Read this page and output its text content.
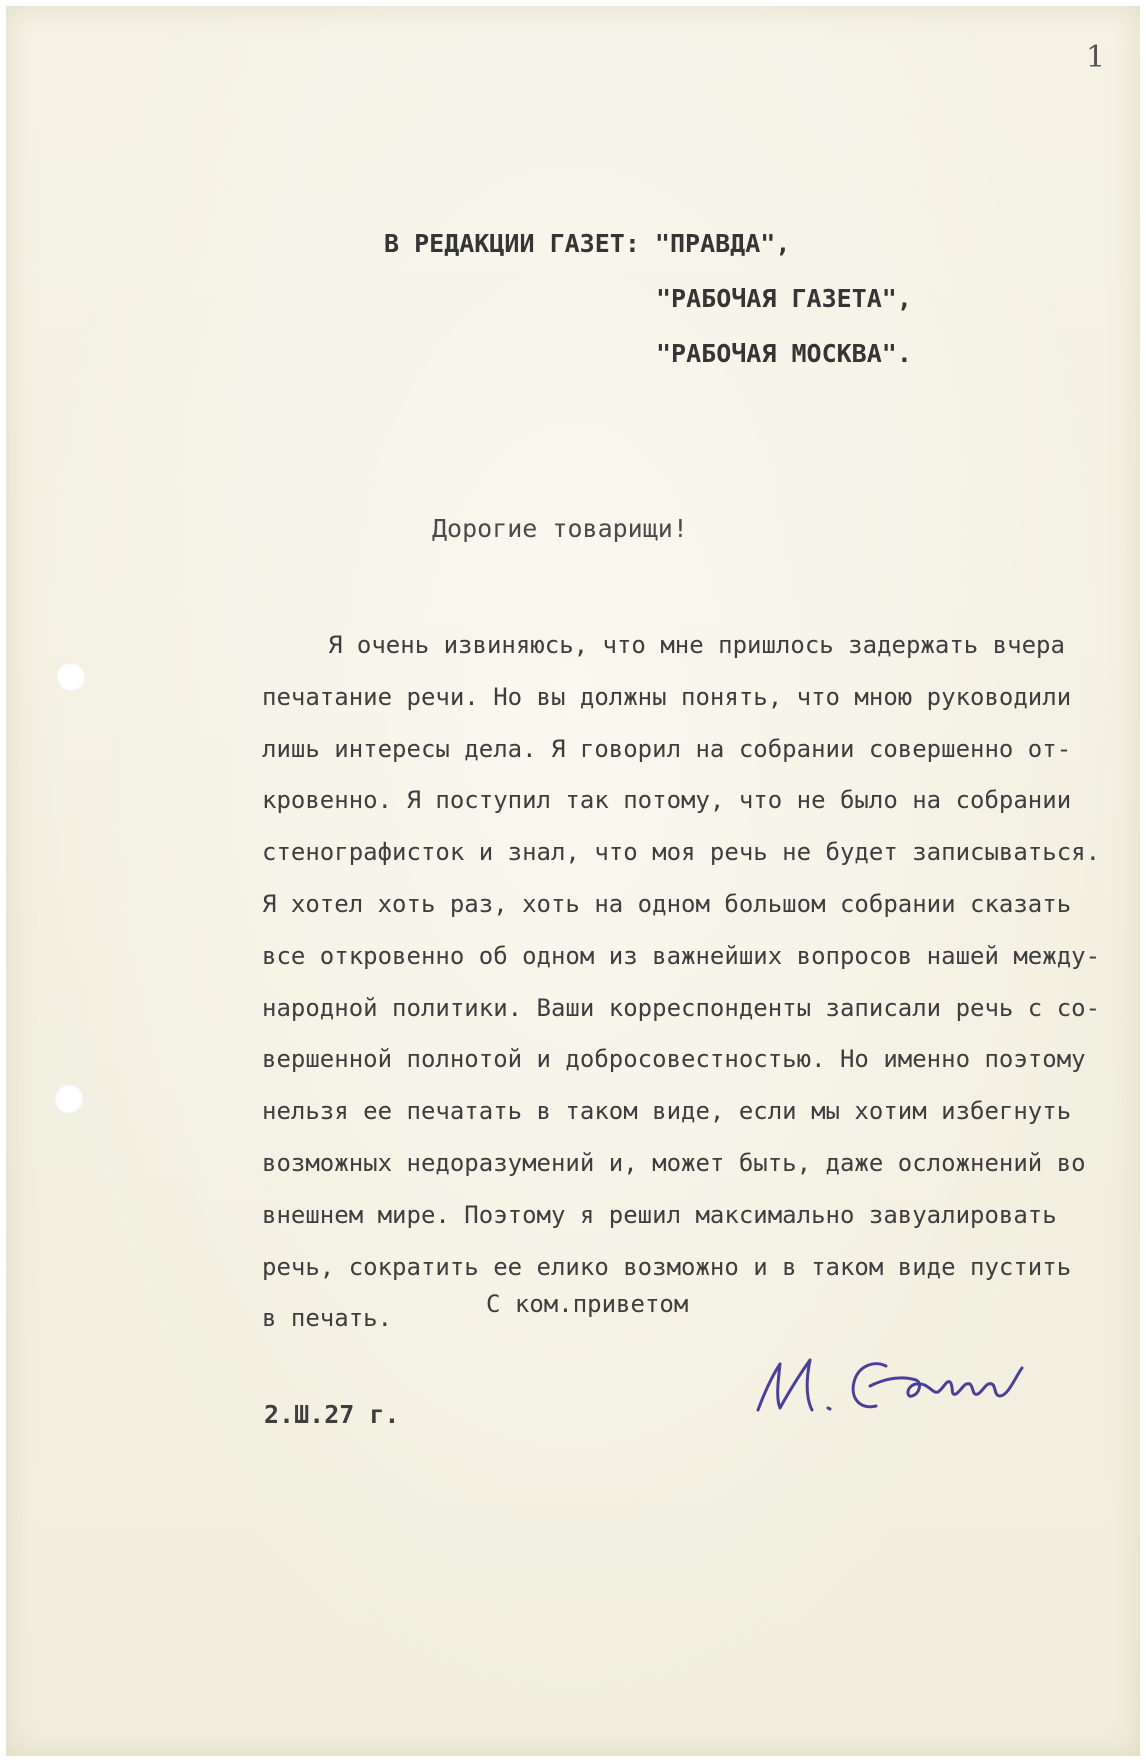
1
В РЕДАКЦИИ ГАЗЕТ: "ПРАВДА",
"РАБОЧАЯ ГАЗЕТА",
"РАБОЧАЯ МОСКВА".
Дорогие товарищи!
Я очень извиняюсь, что мне пришлось задержать вчера
печатание речи. Но вы должны понять, что мною руководили
лишь интересы дела. Я говорил на собрании совершенно от-
кровенно. Я поступил так потому, что не было на собрании
стенографисток и знал, что моя речь не будет записываться.
Я хотел хоть раз, хоть на одном большом собрании сказать
все откровенно об одном из важнейших вопросов нашей между-
народной политики. Ваши корреспонденты записали речь с со-
вершенной полнотой и добросовестностью. Но именно поэтому
нельзя ее печатать в таком виде, если мы хотим избегнуть
возможных недоразумений и, может быть, даже осложнений во
внешнем мире. Поэтому я решил максимально завуалировать
речь, сократить ее елико возможно и в таком виде пустить
в печать.
С ком.приветом
2.Ш.27 г.
